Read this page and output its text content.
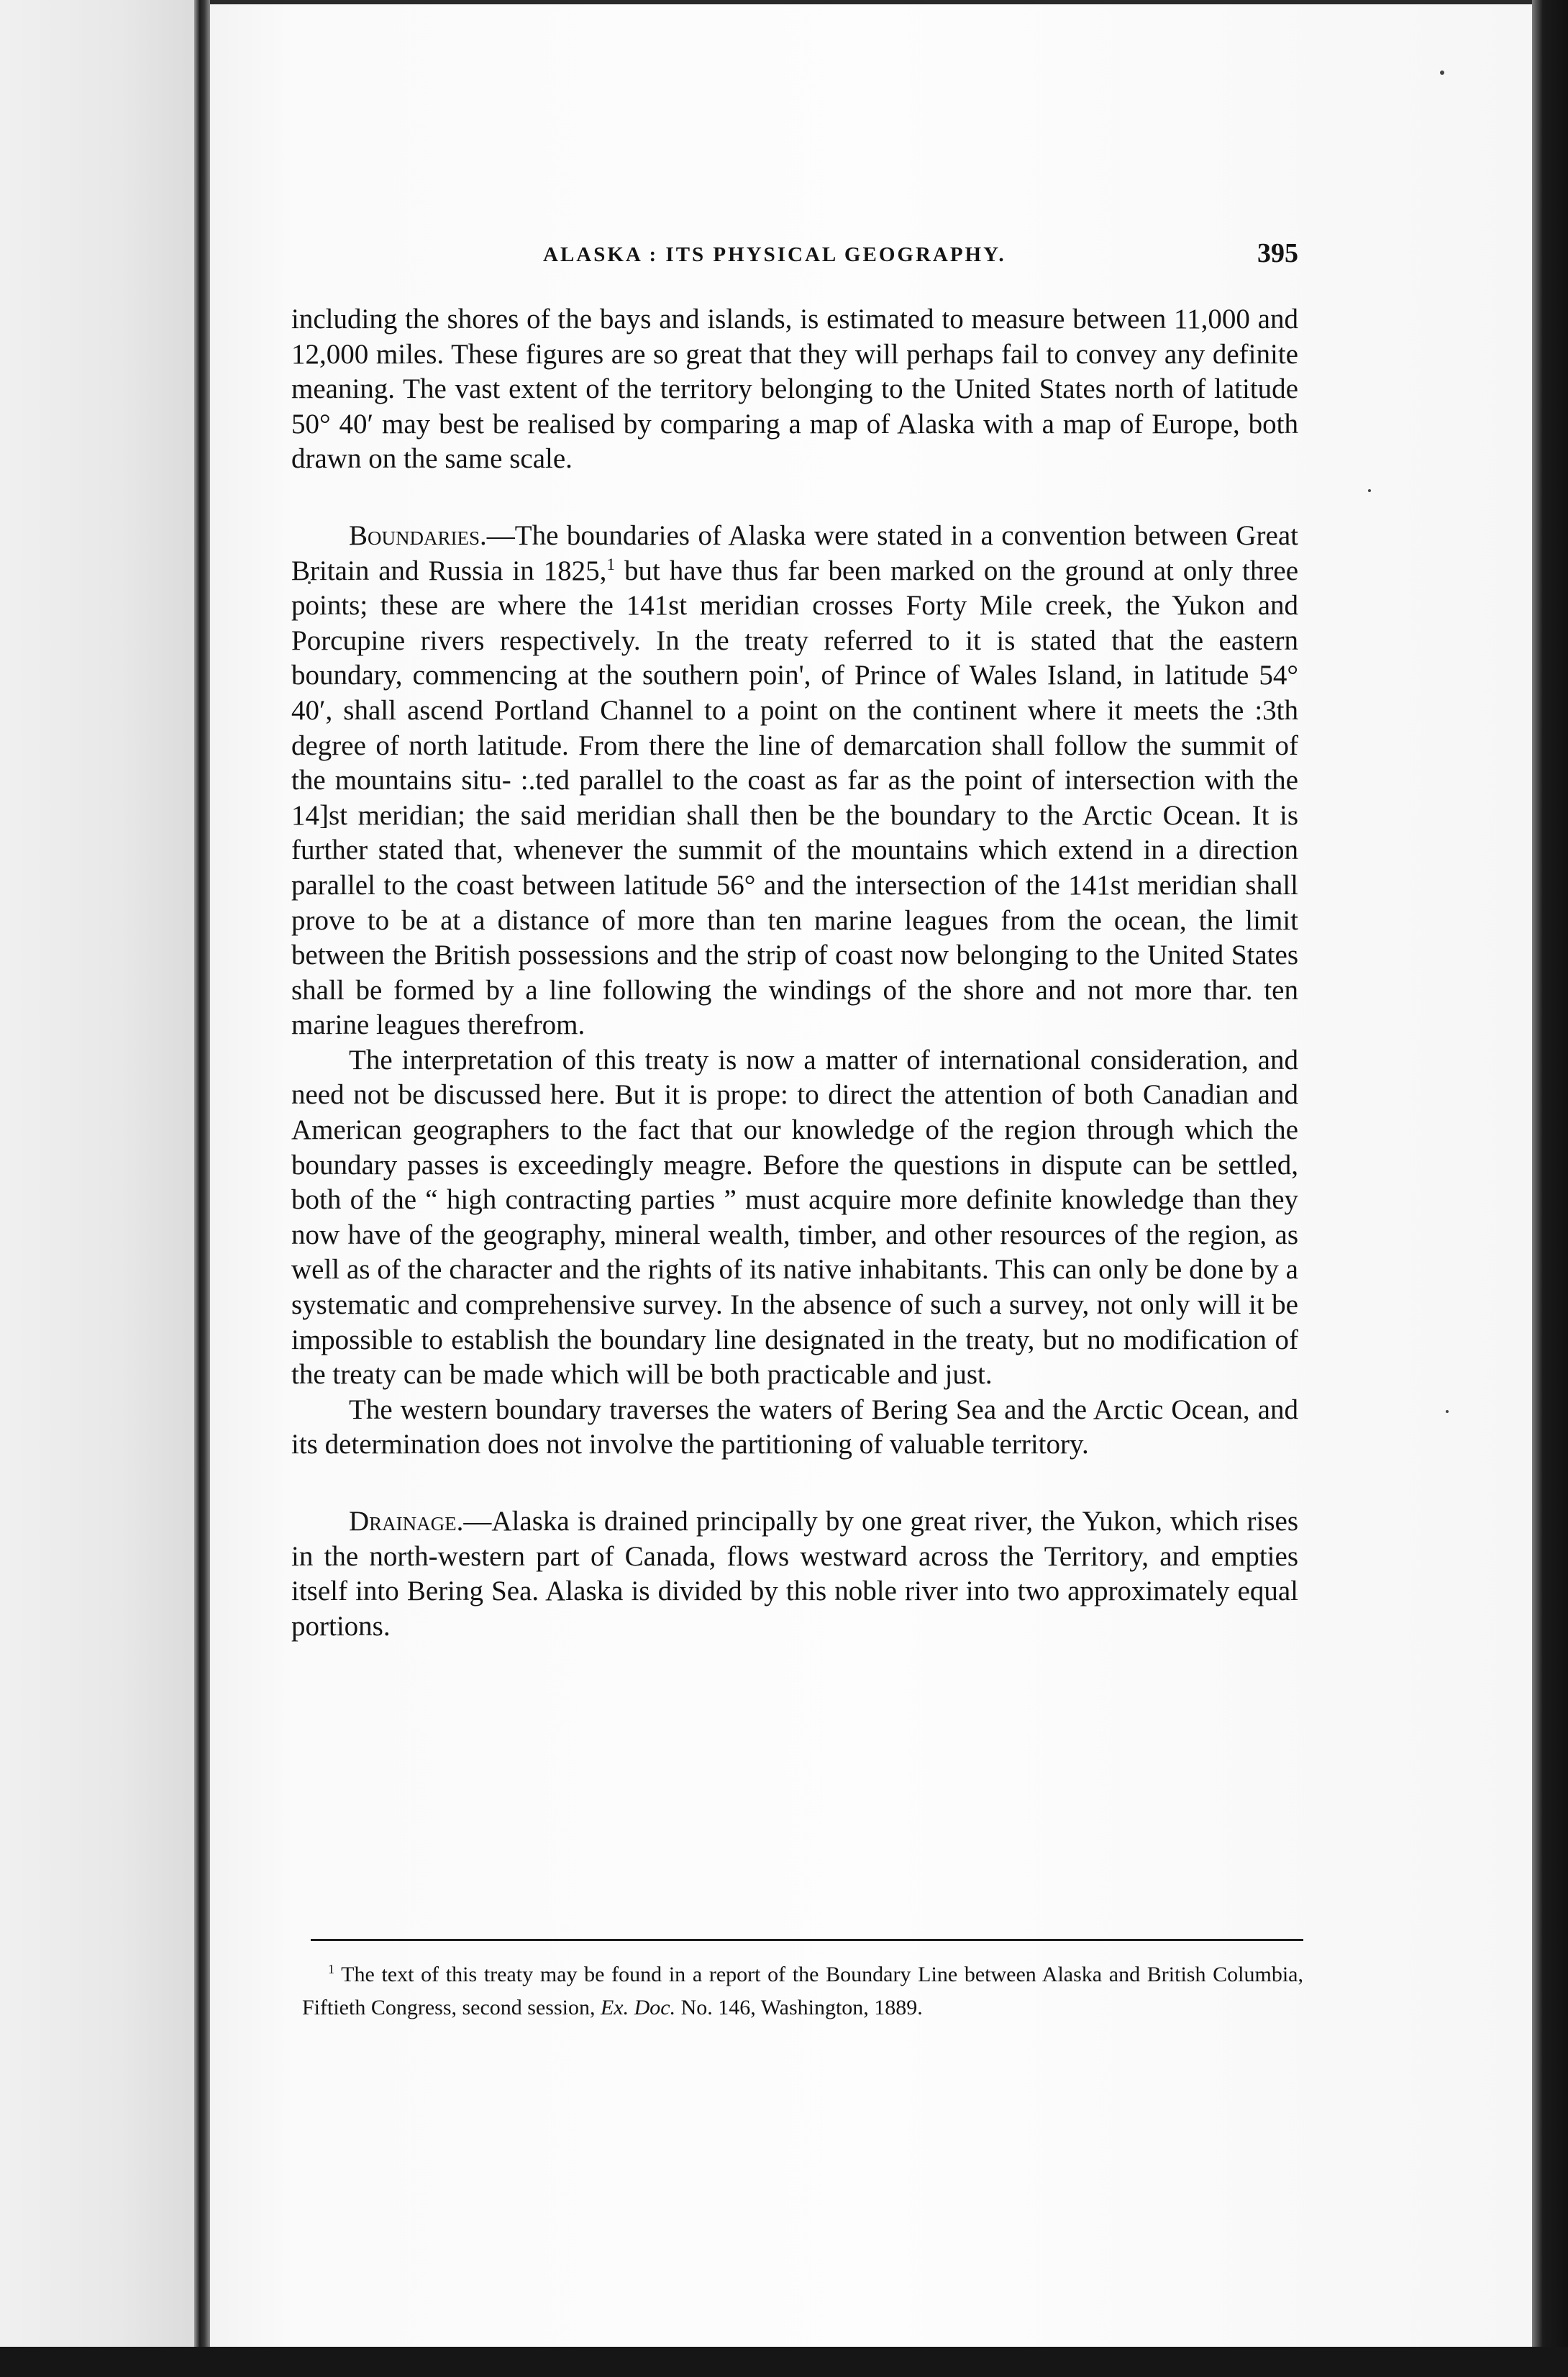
ALASKA : ITS PHYSICAL GEOGRAPHY.	395

including the shores of the bays and islands, is estimated to measure between 11,000 and 12,000 miles. These figures are so great that they will perhaps fail to convey any definite meaning. The vast extent of the territory belonging to the United States north of latitude 50° 40′ may best be realised by comparing a map of Alaska with a map of Europe, both drawn on the same scale.

Boundaries.—The boundaries of Alaska were stated in a convention between Great Britain and Russia in 1825,$^1$ but have thus far been marked on the ground at only three points; these are where the 141st meridian crosses Forty Mile creek, the Yukon and Porcupine rivers respectively. In the treaty referred to it is stated that the eastern boundary, commencing at the southern poin', of Prince of Wales Island, in latitude 54° 40′, shall ascend Portland Channel to a point on the continent where it meets the :3th degree of north latitude. From there the line of demarcation shall follow the summit of the mountains situ- :.ted parallel to the coast as far as the point of intersection with the 14]st meridian; the said meridian shall then be the boundary to the Arctic Ocean. It is further stated that, whenever the summit of the mountains which extend in a direction parallel to the coast between latitude 56° and the intersection of the 141st meridian shall prove to be at a distance of more than ten marine leagues from the ocean, the limit between the British possessions and the strip of coast now belonging to the United States shall be formed by a line following the windings of the shore and not more thar. ten marine leagues therefrom.

The interpretation of this treaty is now a matter of international consideration, and need not be discussed here. But it is prope: to direct the attention of both Canadian and American geographers to the fact that our knowledge of the region through which the boundary passes is exceedingly meagre. Before the questions in dispute can be settled, both of the “ high contracting parties ” must acquire more definite knowledge than they now have of the geography, mineral wealth, timber, and other resources of the region, as well as of the character and the rights of its native inhabitants. This can only be done by a systematic and comprehensive survey. In the absence of such a survey, not only will it be impossible to establish the boundary line designated in the treaty, but no modification of the treaty can be made which will be both practicable and just.

The western boundary traverses the waters of Bering Sea and the Arctic Ocean, and its determination does not involve the partitioning of valuable territory.

Drainage.—Alaska is drained principally by one great river, the Yukon, which rises in the north-western part of Canada, flows westward across the Territory, and empties itself into Bering Sea. Alaska is divided by this noble river into two approximately equal portions.

$^1$ The text of this treaty may be found in a report of the Boundary Line between Alaska and British Columbia, Fiftieth Congress, second session, Ex. Doc. No. 146, Washington, 1889.
